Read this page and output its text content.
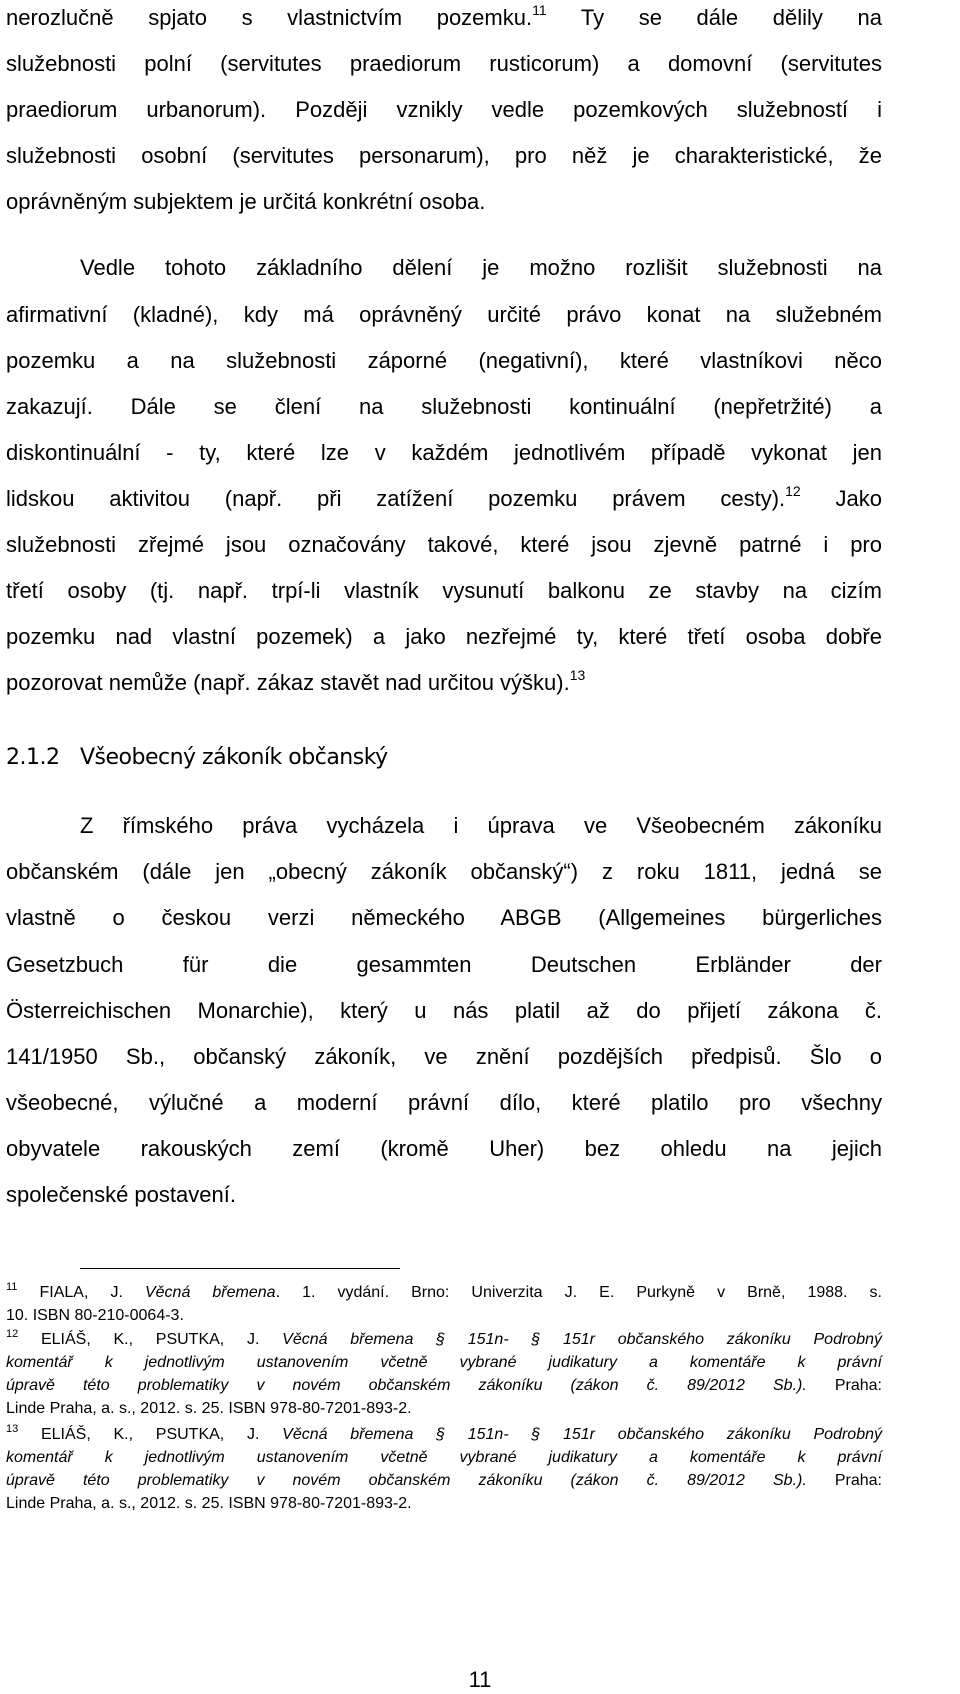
nerozlučně spjato s vlastnictvím pozemku.$^{11}$ Ty se dále dělily na

služebnosti polní (servitutes praediorum rusticorum) a domovní (servitutes

praediorum urbanorum). Později vznikly vedle pozemkových služebností i

služebnosti osobní (servitutes personarum), pro něž je charakteristické, že

oprávněným subjektem je určitá konkrétní osoba.

Vedle tohoto základního dělení je možno rozlišit služebnosti na

afirmativní (kladné), kdy má oprávněný určité právo konat na služebném

pozemku a na služebnosti záporné (negativní), které vlastníkovi něco

zakazují. Dále se člení na služebnosti kontinuální (nepřetržité) a

diskontinuální - ty, které lze v každém jednotlivém případě vykonat jen

lidskou aktivitou (např. při zatížení pozemku právem cesty).$^{12}$ Jako

služebnosti zřejmé jsou označovány takové, které jsou zjevně patrné i pro

třetí osoby (tj. např. trpí-li vlastník vysunutí balkonu ze stavby na cizím

pozemku nad vlastní pozemek) a jako nezřejmé ty, které třetí osoba dobře

pozorovat nemůže (např. zákaz stavět nad určitou výšku).$^{13}$

2.1.2 Všeobecný zákoník občanský

Z římského práva vycházela i úprava ve Všeobecném zákoníku

občanském (dále jen „obecný zákoník občanský“) z roku 1811, jedná se

vlastně o českou verzi německého ABGB (Allgemeines bürgerliches

Gesetzbuch für die gesammten Deutschen Erbländer der

Österreichischen Monarchie), který u nás platil až do přijetí zákona č.

141/1950 Sb., občanský zákoník, ve znění pozdějších předpisů. Šlo o

všeobecné, výlučné a moderní právní dílo, které platilo pro všechny

obyvatele rakouských zemí (kromě Uher) bez ohledu na jejich

společenské postavení.

$^{11}$ FIALA, J. Věcná břemena. 1. vydání. Brno: Univerzita J. E. Purkyně v Brně, 1988. s.

10. ISBN 80-210-0064-3.

$^{12}$ ELIÁŠ, K., PSUTKA, J. Věcná břemena § 151n- § 151r občanského zákoníku Podrobný

komentář k jednotlivým ustanovením včetně vybrané judikatury a komentáře k právní

úpravě této problematiky v novém občanském zákoníku (zákon č. 89/2012 Sb.). Praha:

Linde Praha, a. s., 2012. s. 25. ISBN 978-80-7201-893-2.

$^{13}$ ELIÁŠ, K., PSUTKA, J. Věcná břemena § 151n- § 151r občanského zákoníku Podrobný

komentář k jednotlivým ustanovením včetně vybrané judikatury a komentáře k právní

úpravě této problematiky v novém občanském zákoníku (zákon č. 89/2012 Sb.). Praha:

Linde Praha, a. s., 2012. s. 25. ISBN 978-80-7201-893-2.

11
